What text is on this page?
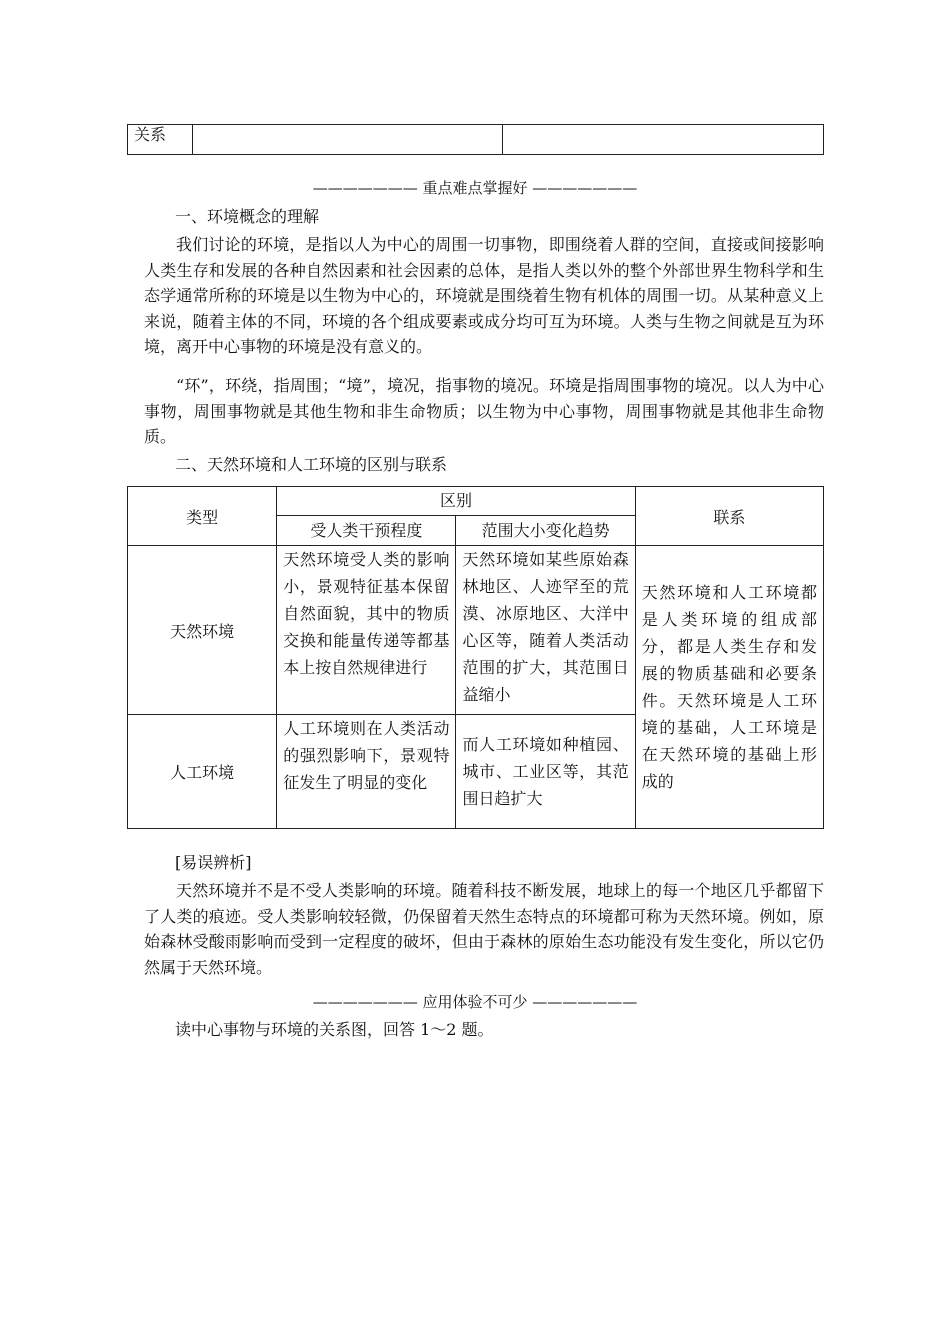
关系		
——————— 重点难点掌握好 ———————
一、环境概念的理解
我们讨论的环境，是指以人为中心的周围一切事物，即围绕着人群的空间，直接或间接影响人类生存和发展的各种自然因素和社会因素的总体，是指人类以外的整个外部世界生物科学和生态学通常所称的环境是以生物为中心的，环境就是围绕着生物有机体的周围一切。从某种意义上来说，随着主体的不同，环境的各个组成要素或成分均可互为环境。人类与生物之间就是互为环境，离开中心事物的环境是没有意义的。
“环”，环绕，指周围；“境”，境况，指事物的境况。环境是指周围事物的境况。以人为中心事物，周围事物就是其他生物和非生命物质；以生物为中心事物，周围事物就是其他非生命物质。
二、天然环境和人工环境的区别与联系
类型	区别		联系
	受人类干预程度	范围大小变化趋势	
天然环境	天然环境受人类的影响小，景观特征基本保留自然面貌，其中的物质交换和能量传递等都基本上按自然规律进行	天然环境如某些原始森林地区、人迹罕至的荒漠、冰原地区、大洋中心区等，随着人类活动范围的扩大，其范围日益缩小	天然环境和人工环境都是人类环境的组成部分，都是人类生存和发展的物质基础和必要条件。天然环境是人工环境的基础，人工环境是在天然环境的基础上形成的

人工环境	人工环境则在人类活动的强烈影响下，景观特征发生了明显的变化	而人工环境如种植园、城市、工业区等，其范围日趋扩大	
[易误辨析]
天然环境并不是不受人类影响的环境。随着科技不断发展，地球上的每一个地区几乎都留下了人类的痕迹。受人类影响较轻微，仍保留着天然生态特点的环境都可称为天然环境。例如，原始森林受酸雨影响而受到一定程度的破坏，但由于森林的原始生态功能没有发生变化，所以它仍然属于天然环境。
——————— 应用体验不可少 ———————
读中心事物与环境的关系图，回答 1～2 题。
